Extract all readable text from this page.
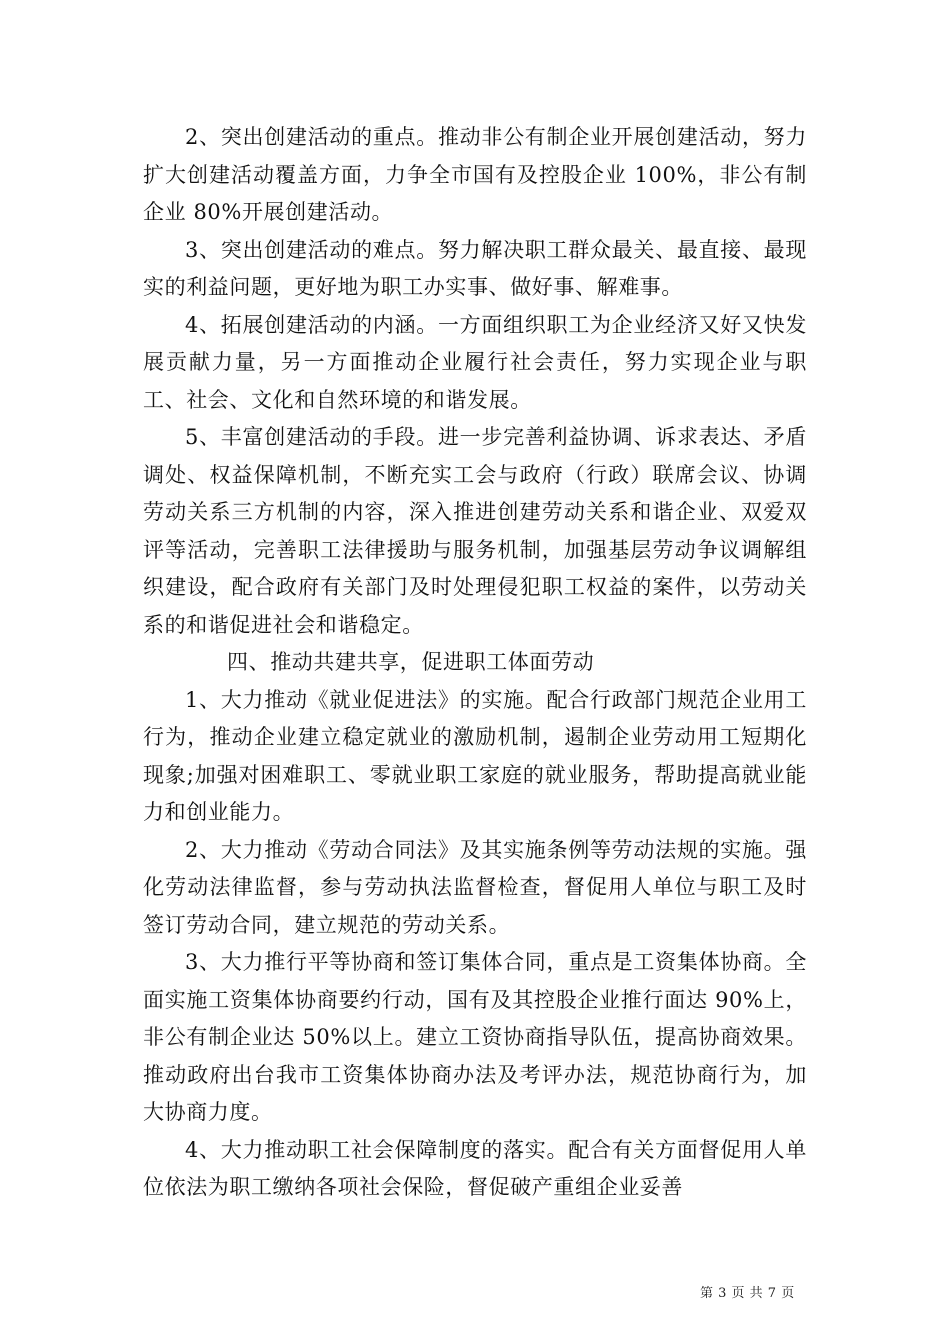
2、突出创建活动的重点。推动非公有制企业开展创建活动，努力扩大创建活动覆盖方面，力争全市国有及控股企业 100%，非公有制企业 80%开展创建活动。

3、突出创建活动的难点。努力解决职工群众最关、最直接、最现实的利益问题，更好地为职工办实事、做好事、解难事。

4、拓展创建活动的内涵。一方面组织职工为企业经济又好又快发展贡献力量，另一方面推动企业履行社会责任，努力实现企业与职工、社会、文化和自然环境的和谐发展。

5、丰富创建活动的手段。进一步完善利益协调、诉求表达、矛盾调处、权益保障机制，不断充实工会与政府（行政）联席会议、协调劳动关系三方机制的内容，深入推进创建劳动关系和谐企业、双爱双评等活动，完善职工法律援助与服务机制，加强基层劳动争议调解组织建设，配合政府有关部门及时处理侵犯职工权益的案件，以劳动关系的和谐促进社会和谐稳定。

四、推动共建共享，促进职工体面劳动

1、大力推动《就业促进法》的实施。配合行政部门规范企业用工行为，推动企业建立稳定就业的激励机制，遏制企业劳动用工短期化现象;加强对困难职工、零就业职工家庭的就业服务，帮助提高就业能力和创业能力。

2、大力推动《劳动合同法》及其实施条例等劳动法规的实施。强化劳动法律监督，参与劳动执法监督检查，督促用人单位与职工及时签订劳动合同，建立规范的劳动关系。

3、大力推行平等协商和签订集体合同，重点是工资集体协商。全面实施工资集体协商要约行动，国有及其控股企业推行面达 90%上，非公有制企业达 50%以上。建立工资协商指导队伍，提高协商效果。推动政府出台我市工资集体协商办法及考评办法，规范协商行为，加大协商力度。

4、大力推动职工社会保障制度的落实。配合有关方面督促用人单位依法为职工缴纳各项社会保险，督促破产重组企业妥善

第 3 页 共 7 页
